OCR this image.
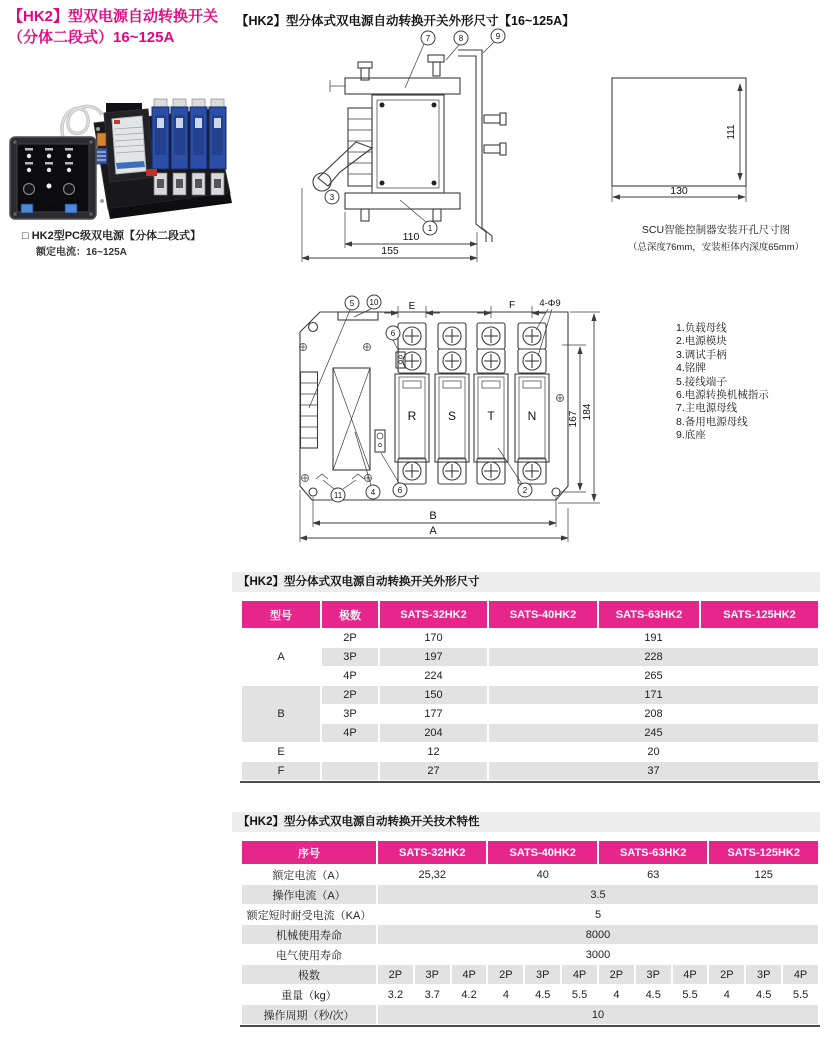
【HK2】型双电源自动转换开关
（分体二段式）16~125A
【HK2】型分体式双电源自动转换开关外形尺寸【16~125A】
HK2
□ HK2型PC级双电源【分体二段式】
额定电流：16~125A
7	8	9
3
1
110
155
111
130
SCU智能控制器安装开孔尺寸图
（总深度76mm，安装柜体内深度65mm）
R	S	T	N
E	F	4-Φ9
5 10
6
11	4	6	2
B
A
167 184
1.负载母线
2.电源模块
3.调试手柄
4.铭牌
5.接线端子
6.电源转换机械指示
7.主电源母线
8.备用电源母线
9.底座
【HK2】型分体式双电源自动转换开关外形尺寸
型号	极数	SATS-32HK2	SATS-40HK2	SATS-63HK2	SATS-125HK2
A	2P	170	191		
	3P	197	228		
	4P	224	265		
B	2P	150	171		
	3P	177	208		
	4P	204	245		
E		12	20		
F		27	37		
【HK2】型分体式双电源自动转换开关技术特性
序号	SATS-32HK2			SATS-40HK2			SATS-63HK2			SATS-125HK2		
额定电流（A）	25,32			40			63			125		
操作电流（A）	3.5											
额定短时耐受电流（KA）	5											
机械使用寿命	8000											
电气使用寿命	3000											
极数	2P	3P	4P	2P	3P	4P	2P	3P	4P	2P	3P	4P
重量（kg）	3.2	3.7	4.2	4	4.5	5.5	4	4.5	5.5	4	4.5	5.5
操作周期（秒/次）	10											
